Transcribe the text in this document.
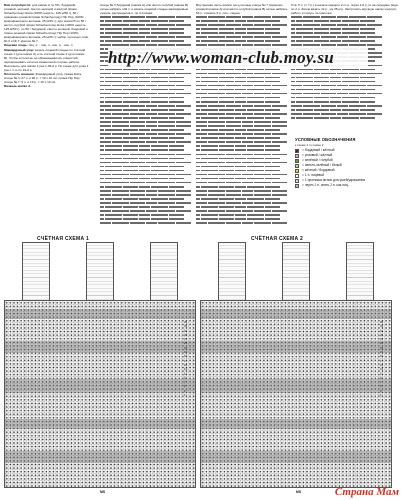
Вам потребуется: для шапки А по 50 г бордовой, розовой, зелёной, светло-зелёной и жёлтой пряжи Schachenmayr Extra (100% шерсть, 125 м/50 г), 50 г оранжево-розовой пряжи Schachenmayr Hip Hop (100% микрофазерного волокна, 25 м/25 г); для шапки В по 50 г жёлто-голубой пряжи Schachenmayr Extra (100% шерсть, 125 м/50 г), по 50 г бордовой, светло-зелёной, бордовой и тёмно-розовой пряжи Schachenmayr Hip Hop (100% микрофазерного волокна, 25 м/25 г); набор чулочных спиц № 3 и № 7; крючок № 7.

Лицевая гладь: лиц. р. - лиц. п., изн. р. - изн. п.

Жаккардовый узор: вязать лицевой гладью по счётной схеме 1 (для шапки А) и по счётной схеме 2 (для шапки В). Чтобы в полотне не образовывалось отверстий, перекрещивать нити на изнаночной стороне работы. Выполнить для шапки 1 раз 1-35-й р. По схеме для ушка 1 раз с 1-го по 19-й р.

Плотность вязания. Жаккардовый узор, пряжа Extra, спицы № 3: 27 п. и 28 р. = 10 х 10 см; пряжа Hip Hop, спицы № 7: 9 п. и 19 р. = 10 х 10 см.

Вязание шапки А.

спицы № 3 бордовой (шапка А) или жёлто-голубой (шапка B) нитью набрать 132 п. и вязать лицевой гладью жаккардовым узором, распределив п. по 4 спицам.

Внутренняя часть шапки: на чулочные спицы № 7 сиренево-розовой (шапка А) или жёлто-голубой (шапка В) нитью набрать 54 п. и вязать 9 р. лиц. гладью.

Отв. 5 п. (= 7 р.) в начале каждого 2-го р. через 1-й р.) и на середине ряда по 2 п. Затем вязать 12 р., на 35-м р. Застрочить вручную шапку изнутри, работу оттянуть по шапочке.

http://www.woman-club.moy.su
УСЛОВНЫЕ ОБОЗНАЧЕНИЯ
к схеме 1 / к схеме 2
= бордовый / жёлтый
= розовый / жёлтый
= зелёный / голубой
= светло-зелёный / белый
= жёлтый / бордовый
= 1 п. лицевой
= 1 протяжка нитью для ушей/украшения
= через 1 п. снять 2 п. как лиц.
СЧЁТНАЯ СХЕМА 1
35
33
31
29
27
25
23
21
19
17
15
13
11
9
7
5
3
1
MS
СЧЁТНАЯ СХЕМА 2
35
33
31
29
27
25
23
21
19
17
15
13
11
9
7
5
3
1
MS	Страна Мам
